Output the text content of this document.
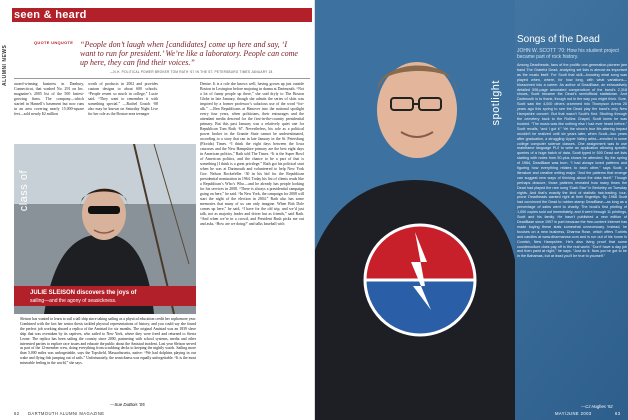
ALUMNI NEWS
seen & heard
QUOTE UNQUOTE “People don’t laugh when [candidates] come up here and say, ‘I want to run for president.’ We’re like a laboratory. People can come up here, they can find their voices.”
—N.H. POLITICAL POWER BROKER TOM RATH ‘67 IN THE ST. PETERSBURG TIMES JANUARY 18
award-winning business in Danbury, Connecticut, that washed No. 291 on Inc. magazine’s 2005 list of the 500 fastest-growing firms. The company—which started in Hansell’s basement but now runs in an area covering nearly 15,000-square feet—sold nearly $2 million
worth of products in 2002 and provides custom designs to about 600 schools. “People resent so much in college,” Lucie said. “They want to remember it with something special.” —Rachel Gratch ‘08 also may be known on Saturday Night Live for her role as the Boston-area teenager
Denise. It is a role she knows well, having grown up just outside Boston in Lexington before majoring in drama at Dartmouth. “Not a lot of funny people up there,” she said dryly to The Boston Globe in late January, though she admits the series of skits was inspired by a former professor’s salacious use of the word “for-ulk.” —Ben Republicans at Hanover into the national spotlight every four years, when politicians, their entourages and the attendant media descend for the first-in-the-country presidential primary. But this past January was a relatively quiet one for Republican Tom Rath ‘67. Nevertheless, his role as a political power broker in the Granite State cannot be underestimated, according to a story that ran in late January in the St. Petersburg (Florida) Times. “I think the eight days between the Iowa caucuses and the New Hampshire primary are the best eight days in American politics,” Rath told The Times. “It is the Super Bowl of American politics, and the chance to be a part of that is something [I think is a great privilege.” Rath got his political start when he was at Dartmouth and volunteered to help New York Gov. Nelson Rockefeller ‘30 in his bid for the Republican presidential nomination in 1964. Today his list of clients reads like a Republican’s Who’s Who—and he already has people looking for his services in 2008. “There is always a presidential campaign going on here,” he said. “In New York, the campaign for 2008 will start the night of the election in 2004.” Rath also has some memories that many of us can only imagine. When Bob Dole comes up here,” he said, “I have for the old trip, and we’d just talk, not as majority leader and driver but as friends,” said Rath. “And when we’re in a crowd, and President Bush picks me out and asks, ‘How are we doing?’ and talks baseball with
class of
JULIE SLEISON discovers the joys of
sailing—and the agony of seasickness.
Sleison has wanted to learn to sail a tall ship since taking sailing as a physical education credit her sophomore year. Combined with the fact her senior thesis tackled physical representations of history, and you could say she found the perfect job working aboard a replica of the Amistad for six months. The original Amistad was an 1839 slave ship that was overtaken by its captives, who sailed to New York, where they were freed and returned to Sierra Leone. The replica has been sailing the country since 2000, partnering with school systems, media and other interested parties to explore race issues and educate the public about the Amistad incident. Last year Sleison served as part of the 12-member crew, doing everything from scrubbing decks to keeping the nightly watch. Sailing more than 5,000 miles was unforgettable, says the Topsfield, Massachusetts, native: “We had dolphins playing in our wake and flying fish jumping out of sails.” Unfortunately, the seasickness was equally unforgettable. “It is the most miserable feeling in the world,” she says.
—Sue DuBois ’05
62 DARTMOUTH ALUMNI MAGAZINE
spotlight
Songs of the Dead
JOHN W. SCOTT ’70: How his student project became part of rock history.
Among Deadheads, fans of the prolific one-generation-pioneer jam band The Grateful Dead, analyzing set lists is almost as important as the music itself. For Scott that skill—knowing what song was played when, where, for how long, with what variations—blossomed into a career. As author of DeadBase, an exhaustively detailed 596-page annotated compendium of the band’s 2,318 shows, Scott became the Dead’s semiofficial statistician. And Dartmouth is to thank, though not in the way you might think. Sure, Scott saw the 4,000 others crammed into Thompson Arena 25 years ago this spring to see the Dead play the band’s only New Hampshire concert. But that wasn’t Scott’s first. Strolling through the cemetery back to the Rollins Chapel, Scott knew he was hooked. “The music was like nothing else I had ever heard before,” Scott recalls, “and I got it.” Yet the show’s true life-altering impact wouldn’t be realized until six years later, when Scott—two years after graduation, a struggling Upper Valley artist—enrolled in some college computer science classes. One assignment was to use mainframe language PL/I to write an application allowing specific queries of a huge batch of data. Scott typed in 500 Dead set lists starting with notes from 50-plus shows he attended. By the spring of 1984, DeadBase was born. “I had always loved patterns and figuring how everything relates to each other,” says Scott, a literature and creative writing major. “And the patterns that emerge can suggest new ways of thinking about the data itself.” Though perhaps obscure, those patterns revealed how many times the Dead had played the rare song “Dark Star” in Berkeley on Tuesday nights. And that’s exactly the kind of statistic hair-trading, tour-prone Deadheads wanted right at their fingertips. By 1988 Scott had convinced the Dead to rubber-stamp DeadBase—as long as a percentage of sales went to charity. The book’s first printing of 1,000 copies sold out immediately, and it went through 11 printings, Scott and his family. He hasn’t published a new edition of DeadBase since 1997 in part because the free-content Internet has made buying these stats somewhat unnecessary. Instead, he focuses on a new business, Dharma Rose, which offers T-shirts and candles at www.dharmarose.com and is run out of his home in Cornish, New Hampshire. He’s also living proof that some counterculture does pay off in the real world. “Don’t have a day job and then paint at night,” he says. “Just do it. Now you’ve got to be in the Bahamas, but at least you’ll be true to yourself.”
—CJ Hughes ’92
MAY/JUNE 2003	63
